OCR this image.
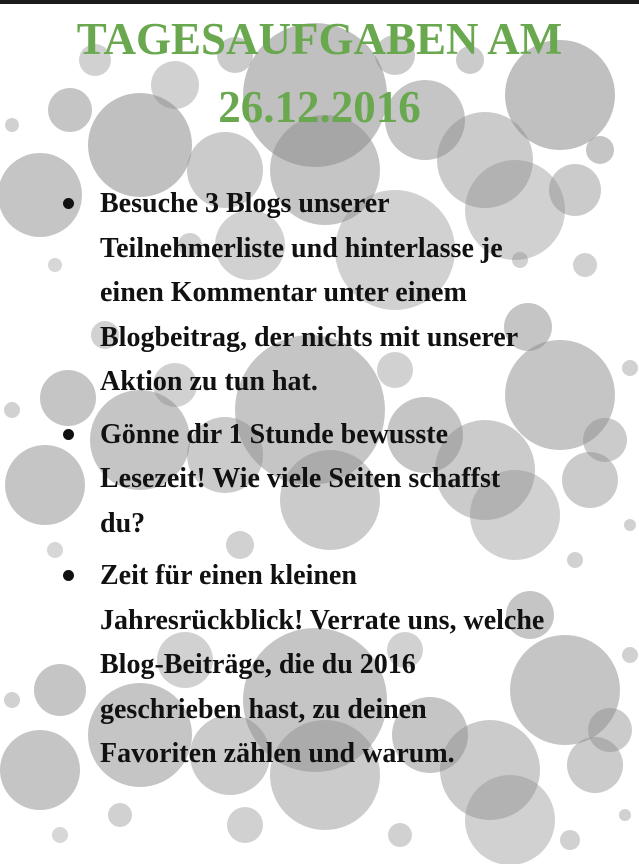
TAGESAUFGABEN AM
26.12.2016
Besuche 3 Blogs unserer Teilnehmerliste und hinterlasse je einen Kommentar unter einem Blogbeitrag, der nichts mit unserer Aktion zu tun hat.
Gönne dir 1 Stunde bewusste Lesezeit! Wie viele Seiten schaffst du?
Zeit für einen kleinen Jahresrückblick! Verrate uns, welche Blog-Beiträge, die du 2016 geschrieben hast, zu deinen Favoriten zählen und warum.
